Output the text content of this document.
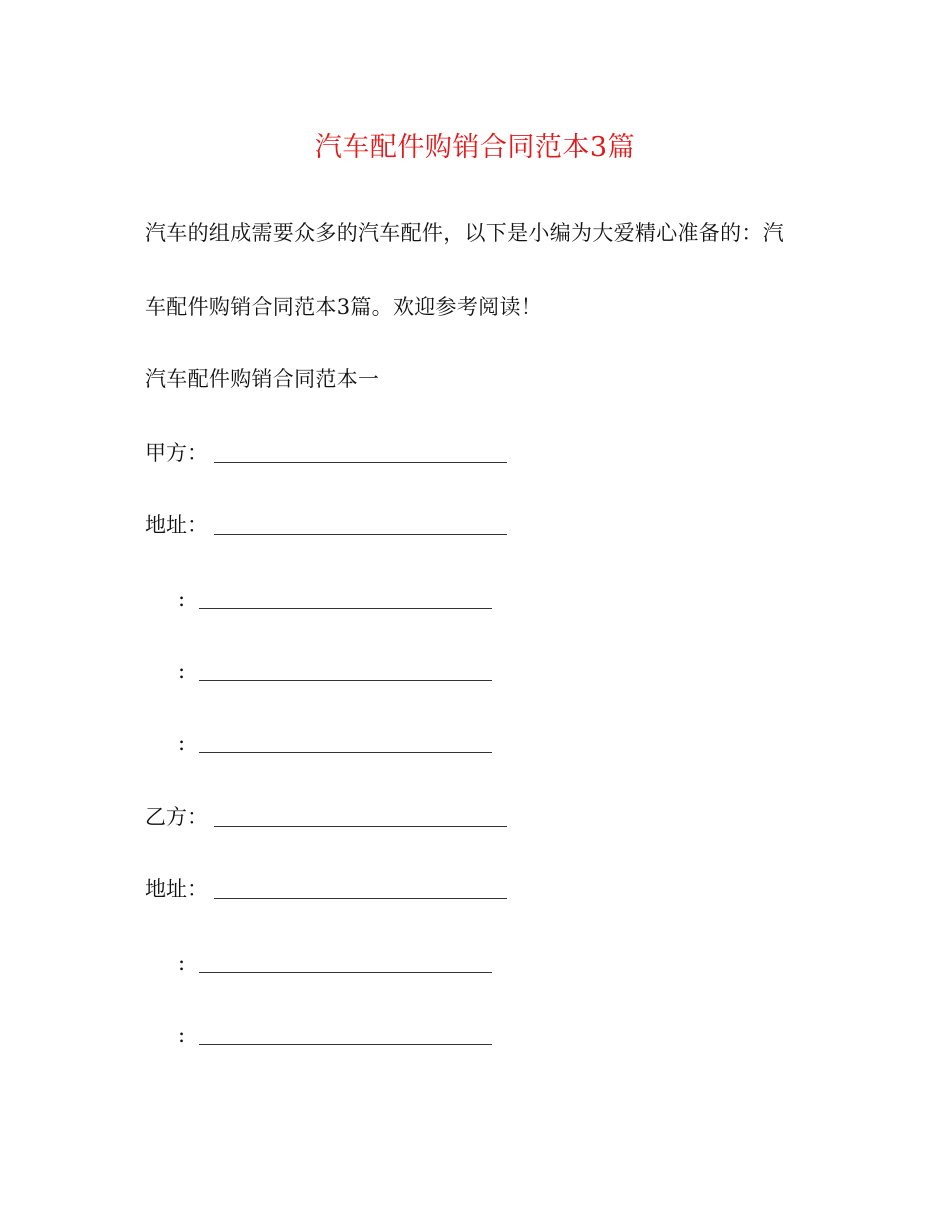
汽车配件购销合同范本3篇
汽车的组成需要众多的汽车配件，以下是小编为大爱精心准备的：汽
车配件购销合同范本3篇。欢迎参考阅读！
汽车配件购销合同范本一
甲方：
地址：
:
:
:
乙方：
地址：
:
:
